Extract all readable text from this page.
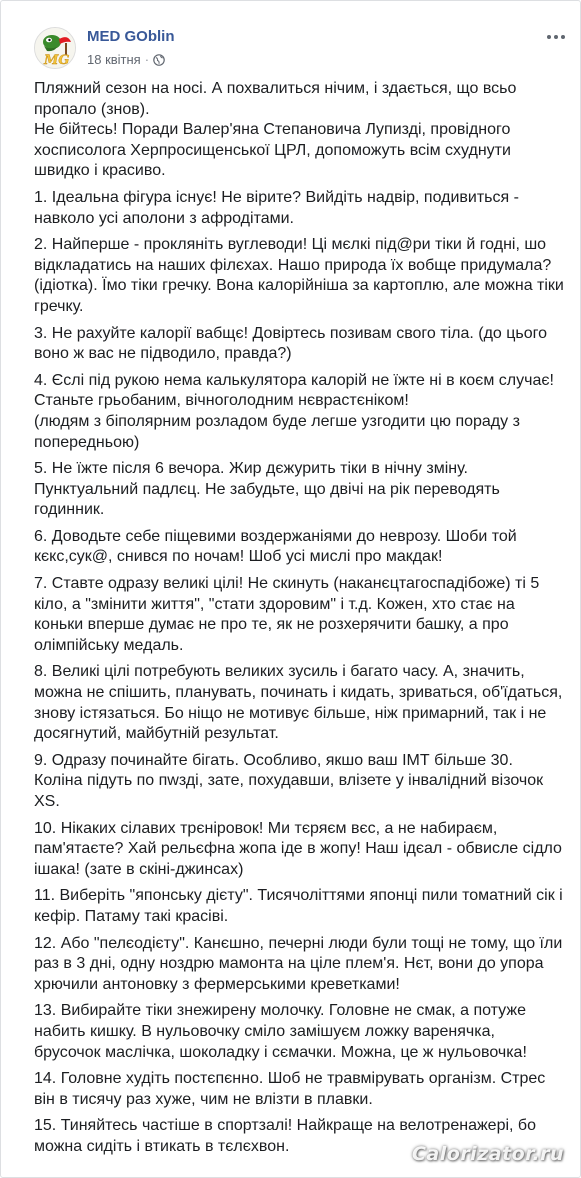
MG
MED GOblin
18 квітня ·

Пляжний сезон на носі. А похвалиться нічим, і здається, що всьо пропало (знов).
Не бійтесь! Поради Валер'яна Степановича Лупизді, провідного хосписолога Херпросищенської ЦРЛ, допоможуть всім схуднути швидко і красиво.

1. Ідеальна фігура існує! Не вірите? Вийдіть надвір, подивиться - навколо усі аполони з афродітами.

2. Найперше - прокляніть вуглеводи! Ці мєлкі під@ри тіки й годні, шо відкладатись на наших філєхах. Нашо природа їх вобще придумала? (ідіотка). Їмо тіки гречку. Вона калорійніша за картоплю, але можна тіки гречку.

3. Не рахуйте калорії вабщє! Довіртесь позивам свого тіла. (до цього воно ж вас не підводило, правда?)

4. Єслі під рукою нема калькулятора калорій не їжте ні в коєм случає! Станьте грьобаним, вічноголодним нєврастєніком!
(людям з біполярним розладом буде легше узгодити цю пораду з попередньою)

5. Не їжте після 6 вечора. Жир дєжурить тіки в нічну зміну. Пунктуальний падлєц. Не забудьте, що двічі на рік переводять годинник.

6. Доводьте себе піщевими воздержаніями до неврозу. Шоби той кєкс,сук@, снився по ночам! Шоб усі мислі про макдак!

7. Ставте одразу великі цілі! Не скинуть (наканєцтагоспадібоже) ті 5 кіло, а "змінити життя", "стати здоровим" і т.д. Кожен, хто стає на коньки вперше думає не про те, як не розхерячити башку, а про олімпійську медаль.

8. Великі цілі потребують великих зусиль і багато часу. А, значить, можна не спішить, планувать, починать і кидать, зриваться, об'їдаться, знову істязаться. Бо ніщо не мотивує більше, ніж примарний, так і не досягнутий, майбутній результат.

9. Одразу починайте бігать. Особливо, якшо ваш ІМТ більше 30. Коліна підуть по пwзді, зате, похудавши, влізете у інвалідний візочок XS.

10. Нікаких сілавих трєніровок! Ми тєряєм вєс, а не набираєм, пам'ятаєте? Хай рельєфна жопа іде в жопу! Наш ідєал - обвисле сідло ішака! (зате в скіні-джинсах)

11. Виберіть "японську дієту". Тисячоліттями японці пили томатний сік і кефір. Патаму такі красіві.

12. Або "пелєодієту". Канєшно, печерні люди були тощі не тому, що їли раз в 3 дні, одну ноздрю мамонта на ціле плем'я. Нєт, вони до упора хрючили антоновку з фермерськими креветками!

13. Вибирайте тіки знежирену молочку. Головне не смак, а потуже набить кишку. В нульовочку сміло замішуєм ложку варенячка, брусочок маслічка, шоколадку і сємачки. Можна, це ж нульовочка!

14. Головне худіть постєпєнно. Шоб не травмірувать організм. Стрес він в тисячу раз хуже, чим не влізти в плавки.

15. Тиняйтесь частіше в спортзалі! Найкраще на велотренажері, бо можна сидіть і втикать в тєлєхвон.	Calorizator.ru
